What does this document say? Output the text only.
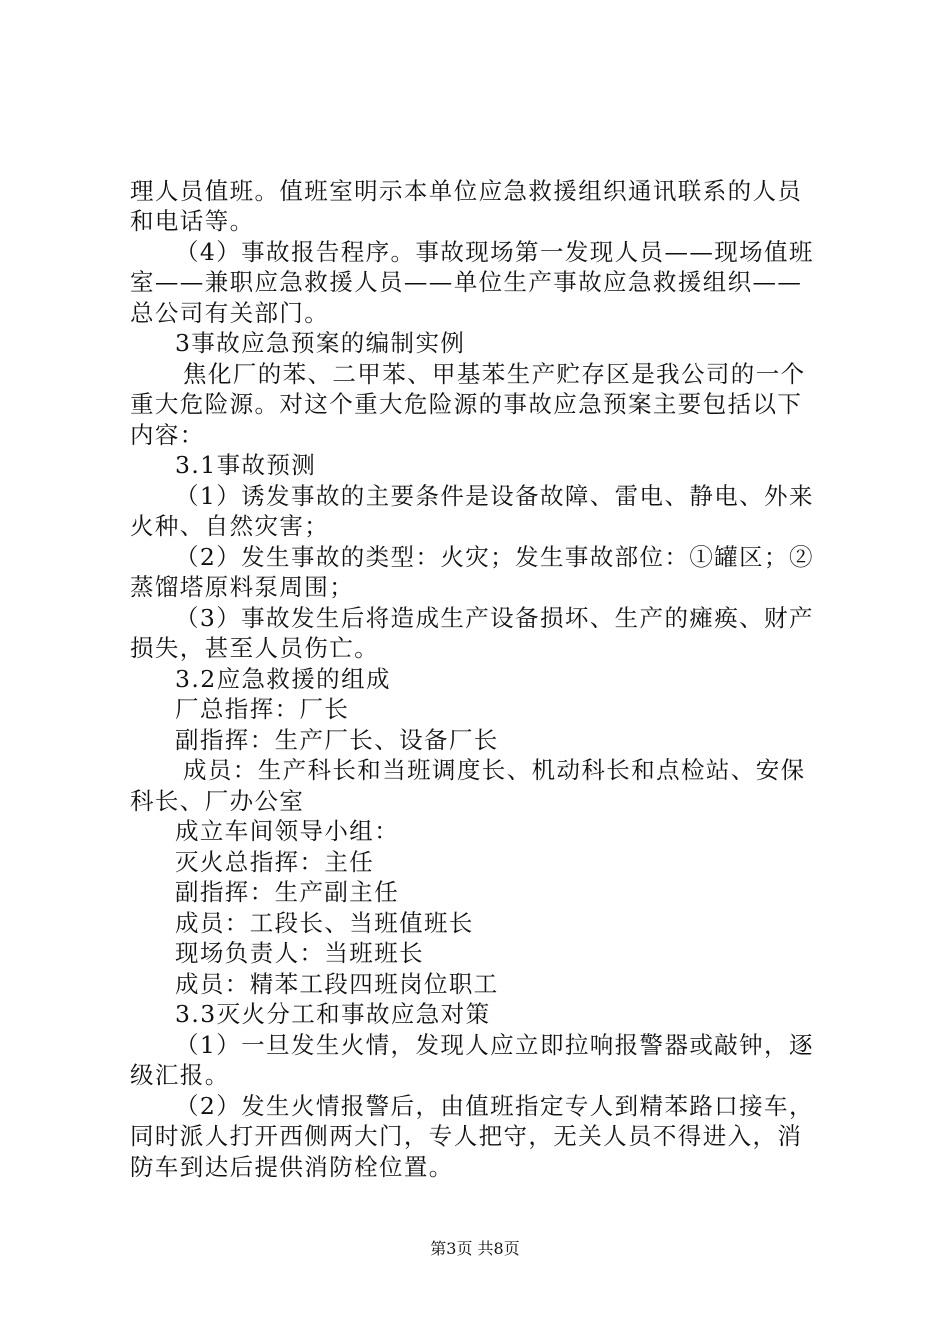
理人员值班。值班室明示本单位应急救援组织通讯联系的人员
和电话等。
（4）事故报告程序。事故现场第一发现人员——现场值班
室——兼职应急救援人员——单位生产事故应急救援组织——
总公司有关部门。
3事故应急预案的编制实例
焦化厂的苯、二甲苯、甲基苯生产贮存区是我公司的一个
重大危险源。对这个重大危险源的事故应急预案主要包括以下
内容：
3.1事故预测
（1）诱发事故的主要条件是设备故障、雷电、静电、外来
火种、自然灾害；
（2）发生事故的类型：火灾；发生事故部位：①罐区；②
蒸馏塔原料泵周围；
（3）事故发生后将造成生产设备损坏、生产的瘫痪、财产
损失，甚至人员伤亡。
3.2应急救援的组成
厂总指挥：厂长
副指挥：生产厂长、设备厂长
成员：生产科长和当班调度长、机动科长和点检站、安保
科长、厂办公室
成立车间领导小组：
灭火总指挥：主任
副指挥：生产副主任
成员：工段长、当班值班长
现场负责人：当班班长
成员：精苯工段四班岗位职工
3.3灭火分工和事故应急对策
（1）一旦发生火情，发现人应立即拉响报警器或敲钟，逐
级汇报。
（2）发生火情报警后，由值班指定专人到精苯路口接车，
同时派人打开西侧两大门，专人把守，无关人员不得进入，消
防车到达后提供消防栓位置。
第3页 共8页
